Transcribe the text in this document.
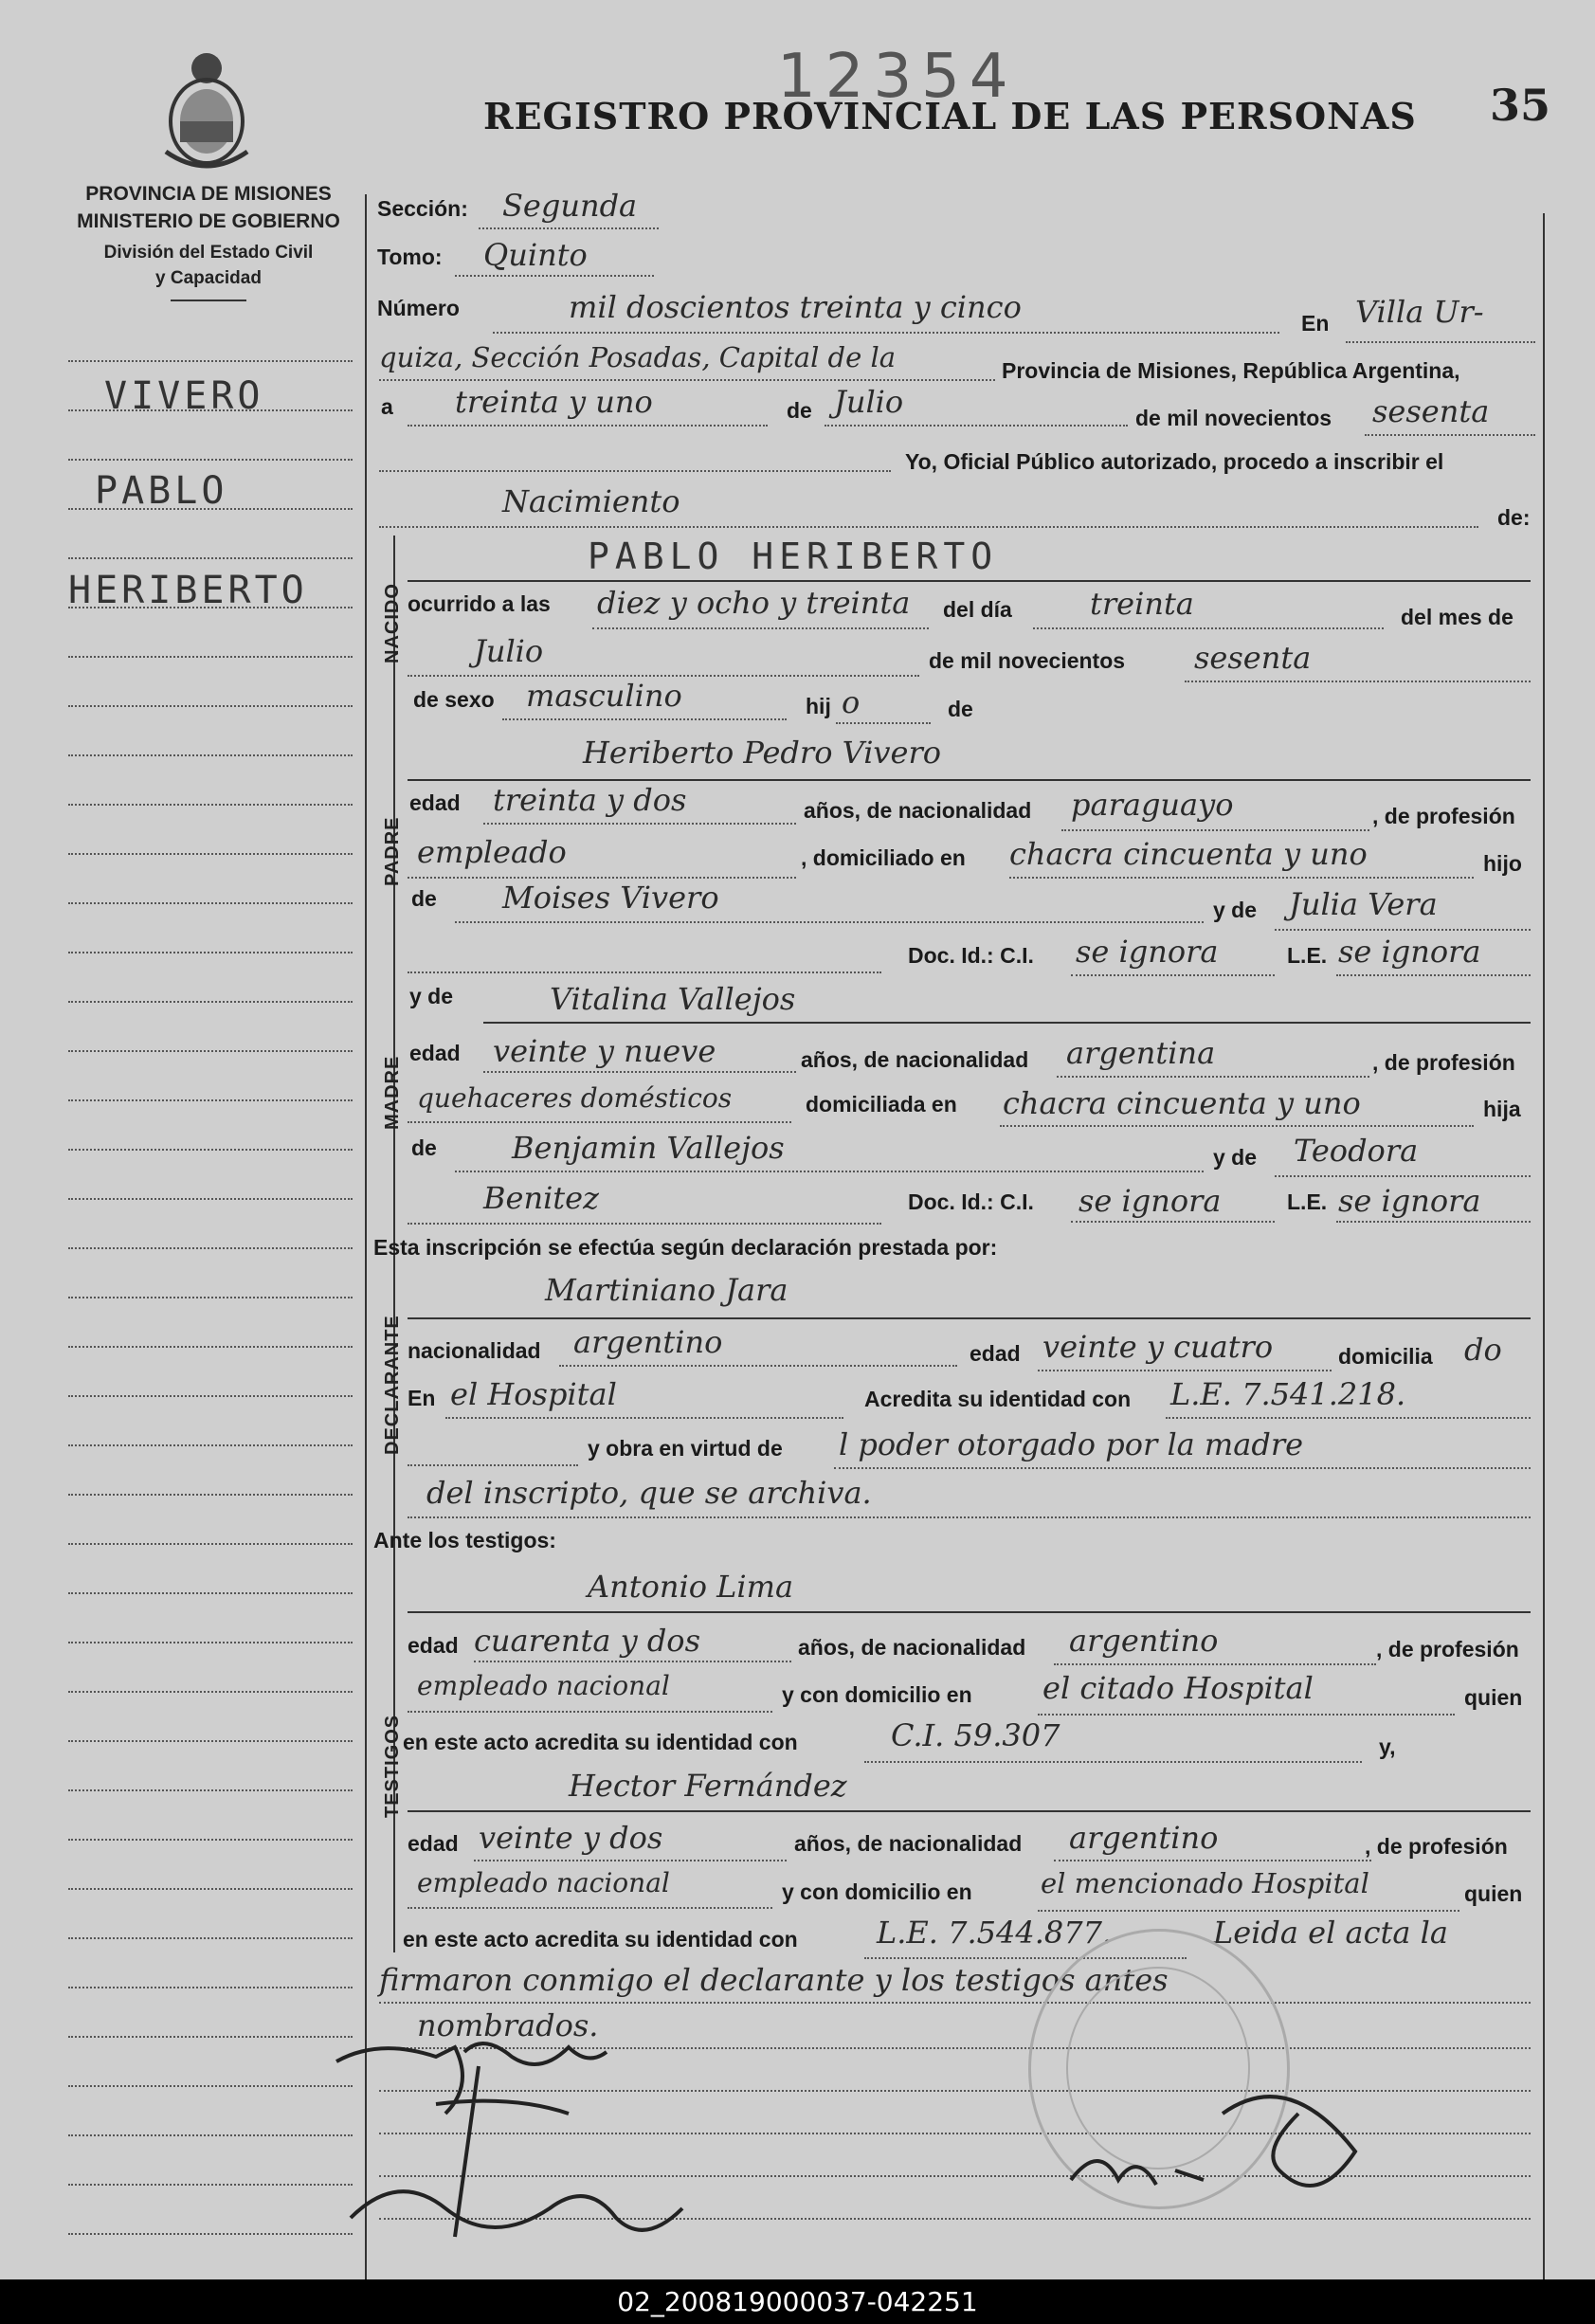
12354
REGISTRO PROVINCIAL DE LAS PERSONAS 35
PROVINCIA DE MISIONES
MINISTERIO DE GOBIERNO
División del Estado Civil
y Capacidad
VIVERO
PABLO
HERIBERTO	NACIDO
PADRE
MADRE
DECLARANTE
TESTIGOS
Sección: Segunda
Tomo: Quinto
Número	mil doscientos treinta y cinco	En Villa Ur-
quiza, Sección Posadas, Capital de la	Provincia de Misiones, República Argentina,
a treinta y uno	de Julio	de mil novecientos sesenta
Yo, Oficial Público autorizado, procedo a inscribir el
Nacimiento	de:
PABLO HERIBERTO
ocurrido a las diez y ocho y treinta del día	treinta	del mes de
Julio	de mil novecientos sesenta
de sexo masculino	hij o	de
Heriberto Pedro Vivero
edad treinta y dos	años, de nacionalidad paraguayo	, de profesión
empleado	, domiciliado en chacra cincuenta y uno	hijo
de Moises Vivero	y de Julia Vera
Doc. Id.: C.I. se ignora	L.E. se ignora
y de	Vitalina Vallejos
edad veinte y nueve	años, de nacionalidad argentina	, de profesión
quehaceres domésticos	domiciliada en chacra cincuenta y uno	hija
de Benjamin Vallejos	y de Teodora
Benitez	Doc. Id.: C.I. se ignora	L.E. se ignora
Esta inscripción se efectúa según declaración prestada por:
Martiniano Jara
nacionalidad argentino	edad veinte y cuatro	domicilia do
En el Hospital	Acredita su identidad con L.E. 7.541.218.
y obra en virtud de l poder otorgado por la madre
del inscripto, que se archiva.
Ante los testigos:
Antonio Lima
edad cuarenta y dos	años, de nacionalidad argentino	, de profesión
empleado nacional	y con domicilio en el citado Hospital	quien
en este acto acredita su identidad con	C.I. 59.307	y,
Hector Fernández
edad veinte y dos	años, de nacionalidad argentino	, de profesión
empleado nacional	y con domicilio en el mencionado Hospital	quien
en este acto acredita su identidad con	L.E. 7.544.877.	Leida el acta la
firmaron conmigo el declarante y los testigos antes
nombrados.
02_200819000037-042251
